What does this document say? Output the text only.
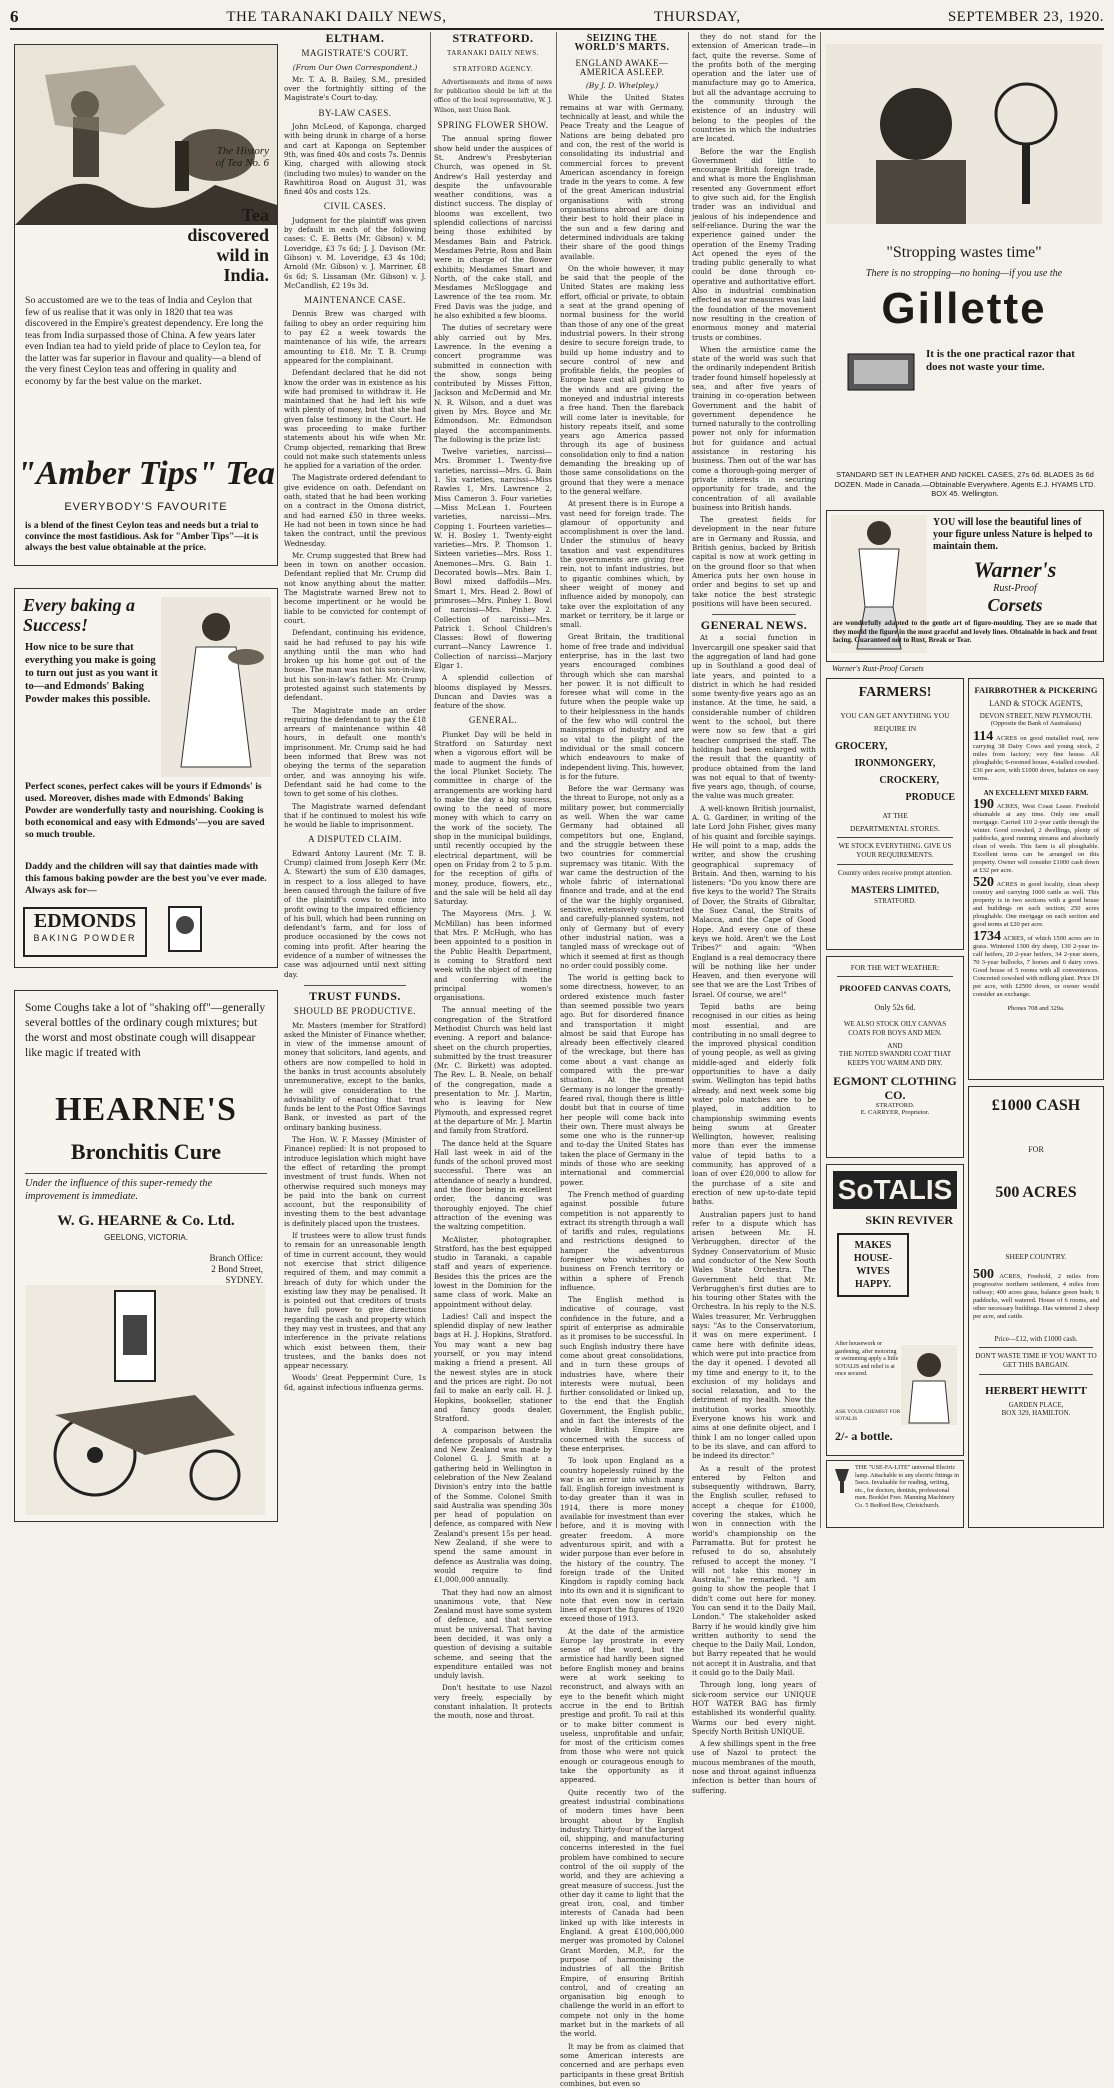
6	THE TARANAKI DAILY NEWS,	THURSDAY,	SEPTEMBER 23, 1920.
The History of Tea No. 6
Tea discovered wild in India.
So accustomed are we to the teas of India and Ceylon that few of us realise that it was only in 1820 that tea was discovered in the Empire's greatest dependency. Ere long the teas from India surpassed those of China. A few years later even Indian tea had to yield pride of place to Ceylon tea, for the latter was far superior in flavour and quality—a blend of the very finest Ceylon teas and offering in quality and economy by far the best value on the market.
"Amber Tips" Tea
EVERYBODY'S FAVOURITE
is a blend of the finest Ceylon teas and needs but a trial to convince the most fastidious. Ask for "Amber Tips"—it is always the best value obtainable at the price.
Every baking a Success!
How nice to be sure that everything you make is going to turn out just as you want it to—and Edmonds' Baking Powder makes this possible.
Perfect scones, perfect cakes will be yours if Edmonds' is used. Moreover, dishes made with Edmonds' Baking Powder are wonderfully tasty and nourishing. Cooking is both economical and easy with Edmonds'—you are saved so much trouble.
Daddy and the children will say that dainties made with this famous baking powder are the best you've ever made. Always ask for—
EDMONDS
BAKING POWDER
Some Coughs take a lot of "shaking off"—generally several bottles of the ordinary cough mixtures; but the worst and most obstinate cough will disappear like magic if treated with
HEARNE'S
Bronchitis Cure
Under the influence of this super-remedy the improvement is immediate.
W. G. HEARNE & Co. Ltd.
GEELONG, VICTORIA.
Branch Office:
2 Bond Street,
SYDNEY.
ELTHAM.
MAGISTRATE'S COURT.
(From Our Own Correspondent.)

Mr. T. A. B. Bailey, S.M., presided over the fortnightly sitting of the Magistrate's Court to-day.

BY-LAW CASES.

John McLeod, of Kaponga, charged with being drunk in charge of a horse and cart at Kaponga on September 9th, was fined 40s and costs 7s. Dennis King, charged with allowing stock (including two mules) to wander on the Rawhitiroa Road on August 31, was fined 40s and costs 12s.

CIVIL CASES.

Judgment for the plaintiff was given by default in each of the following cases: C. E. Betts (Mr. Gibson) v. M. Loveridge, £3 7s 6d; J. J. Davison (Mr. Gibson) v. M. Loveridge, £3 4s 10d; Arnold (Mr. Gibson) v. J. Marriner, £8 6s 6d; S. Lissaman (Mr. Gibson) v. J. McCandlish, £2 19s 3d.

MAINTENANCE CASE.

Dennis Brew was charged with failing to obey an order requiring him to pay £2 a week towards the maintenance of his wife, the arrears amounting to £18. Mr. T. B. Crump appeared for the complainant.

Defendant declared that he did not know the order was in existence as his wife had promised to withdraw it. He maintained that he had left his wife with plenty of money, but that she had given false testimony in the Court. He was proceeding to make further statements about his wife when Mr. Crump objected, remarking that Brew could not make such statements unless he applied for a variation of the order.

The Magistrate ordered defendant to give evidence on oath. Defendant on oath, stated that he had been working on a contract in the Omona district, and had earned £50 in three weeks. He had not been in town since he had taken the contract, until the previous Wednesday.

Mr. Crump suggested that Brew had been in town on another occasion. Defendant replied that Mr. Crump did not know anything about the matter. The Magistrate warned Brew not to become impertinent or he would be liable to be convicted for contempt of court.

Defendant, continuing his evidence, said he had refused to pay his wife anything until the man who had broken up his home got out of the house. The man was not his son-in-law, but his son-in-law's father. Mr. Crump protested against such statements by defendant.

The Magistrate made an order requiring the defendant to pay the £18 arrears of maintenance within 48 hours, in default one month's imprisonment. Mr. Crump said he had been informed that Brew was not obeying the terms of the separation order, and was annoying his wife. Defendant said he had come to the town to get some of his clothes.

The Magistrate warned defendant that if he continued to molest his wife he would be liable to imprisonment.

A DISPUTED CLAIM.

Edward Antony Laurent (Mr. T. B. Crump) claimed from Joseph Kerr (Mr. A. Stewart) the sum of £30 damages, in respect to a loss alleged to have been caused through the failure of five of the plaintiff's cows to come into profit owing to the impaired efficiency of his bull, which had been running on defendant's farm, and for loss of produce occasioned by the cows not coming into profit. After hearing the evidence of a number of witnesses the case was adjourned until next sitting day.

TRUST FUNDS.
SHOULD BE PRODUCTIVE.

Mr. Masters (member for Stratford) asked the Minister of Finance whether, in view of the immense amount of money that solicitors, land agents, and others are now compelled to hold in the banks in trust accounts absolutely unremunerative, except to the banks, he will give consideration to the advisability of enacting that trust funds be lent to the Post Office Savings Bank, or invested as part of the ordinary banking business.

The Hon. W. F. Massey (Minister of Finance) replied: It is not proposed to introduce legislation which might have the effect of retarding the prompt investment of trust funds. When not otherwise required such moneys may be paid into the bank on current account, but the responsibility of investing them to the best advantage is definitely placed upon the trustees.

If trustees were to allow trust funds to remain for an unreasonable length of time in current account, they would not exercise that strict diligence required of them, and may commit a breach of duty for which under the existing law they may be penalised. It is pointed out that creditors of trusts have full power to give directions regarding the cash and property which they may vest in trustees, and that any interference in the private relations which exist between them, their trustees, and the banks does not appear necessary.

Woods' Great Peppermint Cure, 1s 6d, against infectious influenza germs.

STRATFORD.
TARANAKI DAILY NEWS.
STRATFORD AGENCY.

Advertisements and items of news for publication should be left at the office of the local representative, W. J. Wilson, next Union Bank.

SPRING FLOWER SHOW.

The annual spring flower show held under the auspices of St. Andrew's Presbyterian Church, was opened in St. Andrew's Hall yesterday and despite the unfavourable weather conditions, was a distinct success. The display of blooms was excellent, two splendid collections of narcissi being those exhibited by Mesdames Bain and Patrick. Mesdames Petrie, Ross and Bain were in charge of the flower exhibits; Mesdames Smart and North, of the cake stall, and Mesdames McSloggage and Lawrence of the tea room. Mr. Fred Davis was the judge, and he also exhibited a few blooms.

The duties of secretary were ably carried out by Mrs. Lawrence. In the evening a concert programme was submitted in connection with the show, songs being contributed by Misses Fitton, Jackson and McDermid and Mr. N. R. Wilson, and a duet was given by Mrs. Boyce and Mr. Edmondson. Mr. Edmondson played the accompaniments. The following is the prize list:

Twelve varieties, narcissi—Mrs. Brommer 1. Twenty-five varieties, narcissi—Mrs. G. Bain 1. Six varieties, narcissi—Miss Rawles 1, Mrs. Lawrence 2, Miss Cameron 3. Four varieties—Miss McLean 1. Fourteen varieties, narcissi—Mrs. Copping 1. Fourteen varieties—W. H. Bosley 1. Twenty-eight varieties—Mrs. P. Thomson 1. Sixteen varieties—Mrs. Ross 1. Anemones—Mrs. G. Bain 1. Decorated bowls—Mrs. Bain 1. Bowl mixed daffodils—Mrs. Smart 1, Mrs. Head 2. Bowl of primroses—Mrs. Pinhey 1. Bowl of narcissi—Mrs. Pinhey 2. Collection of narcissi—Mrs. Patrick 1. School Children's Classes: Bowl of flowering currant—Nancy Lawrence 1. Collection of narcissi—Marjory Elgar 1.

A splendid collection of blooms displayed by Messrs. Duncan and Davies was a feature of the show.

GENERAL.

Plunket Day will be held in Stratford on Saturday next when a vigorous effort will be made to augment the funds of the local Plunket Society. The committee in charge of the arrangements are working hard to make the day a big success, owing to the need of more money with which to carry on the work of the society. The shop in the municipal buildings, until recently occupied by the electrical department, will be open on Friday from 2 to 5 p.m. for the reception of gifts of money, produce, flowers, etc., and the sale will be held all day Saturday.

The Mayoress (Mrs. J. W. McMillan) has been informed that Mrs. P. McHugh, who has been appointed to a position in the Public Health Department, is coming to Stratford next week with the object of meeting and conferring with the principal women's organisations.

The annual meeting of the congregation of the Stratford Methodist Church was held last evening. A report and balance-sheet on the church properties, submitted by the trust treasurer (Mr. C. Birkett) was adopted. The Rev. L. B. Neale, on behalf of the congregation, made a presentation to Mr. J. Martin, who is leaving for New Plymouth, and expressed regret at the departure of Mr. J. Martin and family from Stratford.

The dance held at the Square Hall last week in aid of the funds of the school proved most successful. There was an attendance of nearly a hundred, and the floor being in excellent order, the dancing was thoroughly enjoyed. The chief attraction of the evening was the waltzing competition.

McAlister, photographer, Stratford, has the best equipped studio in Taranaki, a capable staff and years of experience. Besides this the prices are the lowest in the Dominion for the same class of work. Make an appointment without delay.

Ladies! Call and inspect the splendid display of new leather bags at H. J. Hopkins, Stratford. You may want a new bag yourself, or you may intend making a friend a present. All the newest styles are in stock and the prices are right. Do not fail to make an early call. H. J. Hopkins, bookseller, stationer and fancy goods dealer, Stratford.

A comparison between the defence proposals of Australia and New Zealand was made by Colonel G. J. Smith at a gathering held in Wellington in celebration of the New Zealand Division's entry into the battle of the Somme. Colonel Smith said Australia was spending 30s per head of population on defence, as compared with New Zealand's present 15s per head. New Zealand, if she were to spend the same amount in defence as Australia was doing, would require to find £1,000,000 annually.

That they had now an almost unanimous vote, that New Zealand must have some system of defence, and that service must be universal. That having been decided, it was only a question of devising a suitable scheme, and seeing that the expenditure entailed was not unduly lavish.

Don't hesitate to use Nazol very freely, especially by constant inhalation. It protects the mouth, nose and throat.

SEIZING THE WORLD'S MARTS.
ENGLAND AWAKE—AMERICA ASLEEP.
(By J. D. Whelpley.)

While the United States remains at war with Germany, technically at least, and while the Peace Treaty and the League of Nations are being debated pro and con, the rest of the world is consolidating its industrial and commercial forces to prevent American ascendancy in foreign trade in the years to come. A few of the great American industrial organisations with strong organisations abroad are doing their best to hold their place in the sun and a few daring and determined individuals are taking their share of the good things available.

On the whole however, it may be said that the people of the United States are making less effort, official or private, to obtain a seat at the grand opening of normal business for the world than those of any one of the great industrial powers. In their strong desire to secure foreign trade, to build up home industry and to secure control of new and profitable fields, the peoples of Europe have cast all prudence to the winds and are giving the moneyed and industrial interests a free hand. Then the flareback will come later is inevitable, for history repeats itself, and some years ago America passed through its age of business consolidation only to find a nation demanding the breaking up of those same consolidations on the ground that they were a menace to the general welfare.

At present there is in Europe a vast need for foreign trade. The glamour of opportunity and accomplishment is over the land. Under the stimulus of heavy taxation and vast expenditures the governments are giving free rein, not to infant industries, but to gigantic combines which, by sheer weight of money and influence aided by monopoly, can take over the exploitation of any market or territory, be it large or small.

Great Britain, the traditional home of free trade and individual enterprise, has in the last two years encouraged combines through which she can marshal her power. It is not difficult to foresee what will come in the future when the people wake up to their helplessness in the hands of the few who will control the mainsprings of industry and are so vital to the plight of the individual or the small concern which endeavours to make of independent living. This, however, is for the future.

Before the war Germany was the threat to Europe, not only as a military power, but commercially as well. When the war came Germany had obtained all competitors but one, England, and the struggle between these two countries for commercial supremacy was titanic. With the war came the destruction of the whole fabric of international finance and trade, and at the end of the war the highly organised, sensitive, extensively constructed and carefully-planned system, not only of Germany but of every other industrial nation, was a tangled mass of wreckage out of which it seemed at first as though no order could possibly come.

The world is getting back to some directness, however, to an ordered existence much faster than seemed possible two years ago. But for disordered finance and transportation it might almost be said that Europe has already been effectively cleared of the wreckage, but there has come about a vast change as compared with the pre-war situation. At the moment Germany is no longer the greatly-feared rival, though there is little doubt but that in course of time her people will come back into their own. There must always be some one who is the runner-up and to-day the United States has taken the place of Germany in the minds of those who are seeking international and commercial power.

The French method of guarding against possible future competition is not apparently to extract its strength through a wall of tariffs and rules, regulations and restrictions designed to hamper the adventurous foreigner who wishes to do business on French territory or within a sphere of French influence.

The English method is indicative of courage, vast confidence in the future, and a spirit of enterprise as admirable as it promises to be successful. In such English industry there have come about great consolidations, and in turn these groups of industries have, where their interests were mutual, been further consolidated or linked up, to the end that the English Government, the English public, and in fact the interests of the whole British Empire are concerned with the success of these enterprises.

To look upon England as a country hopelessly ruined by the war is an error into which many fall. English foreign investment is to-day greater than it was in 1914, there is more money available for investment than ever before, and it is moving with greater freedom. A more adventurous spirit, and with a wider purpose than ever before in the history of the country. The foreign trade of the United Kingdom is rapidly coming back into its own and it is significant to note that even now in certain lines of export the figures of 1920 exceed those of 1913.

At the date of the armistice Europe lay prostrate in every sense of the word, but the armistice had hardly been signed before English money and brains were at work seeking to reconstruct, and always with an eye to the benefit which might accrue in the end to British prestige and profit. To rail at this or to make bitter comment is useless, unprofitable and unfair, for most of the criticism comes from those who were not quick enough or courageous enough to take the opportunity as it appeared.

Quite recently two of the greatest industrial combinations of modern times have been brought about by English industry. Thirty-four of the largest oil, shipping, and manufacturing concerns interested in the fuel problem have combined to secure control of the oil supply of the world, and they are achieving a great measure of success. Just the other day it came to light that the great iron, coal, and timber interests of Canada had been linked up with like interests in England. A great £100,000,000 merger was promoted by Colonel Grant Morden, M.P., for the purpose of harmonising the industries of all the British Empire, of ensuring British control, and of creating an organisation big enough to challenge the world in an effort to compete not only in the home market but in the markets of all the world.

It may be from as claimed that some American interests are concerned and are perhaps even participants in these great British combines, but even so

they do not stand for the extension of American trade—in fact, quite the reverse. Some of the profits both of the merging operation and the later use of manufacture may go to America, but all the advantage accruing to the community through the existence of an industry will belong to the peoples of the countries in which the industries are located.

Before the war the English Government did little to encourage British foreign trade, and what is more the Englishman resented any Government effort to give such aid, for the English trader was an individual and jealous of his independence and self-reliance. During the war the experience gained under the operation of the Enemy Trading Act opened the eyes of the trading public generally to what could be done through co-operative and authoritative effort. Also in industrial combination effected as war measures was laid the foundation of the movement now resulting in the creation of enormous money and material trusts or combines.

When the armistice came the state of the world was such that the ordinarily independent British trader found himself hopelessly at sea, and after five years of training in co-operation between Government and the habit of government dependence he turned naturally to the controlling power not only for information but for guidance and actual assistance in restoring his business. Then out of the war has come a thorough-going merger of private interests in securing opportunity for trade, and the concentration of all available business into British hands.

The greatest fields for development in the near future are in Germany and Russia, and British genius, backed by British capital is now at work getting in on the ground floor so that when America puts her own house in order and begins to set up and take notice the best strategic positions will have been secured.

GENERAL NEWS.

At a social function in Invercargill one speaker said that the aggregation of land had gone up in Southland a good deal of late years, and pointed to a district in which he had resided some twenty-five years ago as an instance. At the time, he said, a considerable number of children went to the school, but there were now so few that a girl teacher comprised the staff. The holdings had been enlarged with the result that the quantity of produce obtained from the land was not equal to that of twenty-five years ago, though, of course, the value was much greater.

A well-known British journalist, A. G. Gardiner, in writing of the late Lord John Fisher, gives many of his quaint and forcible sayings. He will point to a map, adds the writer, and show the crushing geographical supremacy of Britain. And then, warning to his listeners: "Do you know there are five keys to the world? The Straits of Dover, the Straits of Gibraltar, the Suez Canal, the Straits of Malacca, and the Cape of Good Hope. And every one of these keys we hold. Aren't we the Lost Tribes?" and again: "When England is a real democracy there will be nothing like her under Heaven, and then everyone will see that we are the Lost Tribes of Israel. Of course, we are!"

Tepid baths are being recognised in our cities as being most essential, and are contributing in no small degree to the improved physical condition of young people, as well as giving middle-aged and elderly folk opportunities to have a daily swim. Wellington has tepid baths already, and next week some big water polo matches are to be played, in addition to championship swimming events being swum at Greater Wellington, however, realising more than ever the immense value of tepid baths to a community, has approved of a loan of over £20,000 to allow for the purchase of a site and erection of new up-to-date tepid baths.

Australian papers just to hand refer to a dispute which has arisen between Mr. H. Verbrugghen, director of the Sydney Conservatorium of Music and conductor of the New South Wales State Orchestra. The Government held that Mr. Verbrugghen's first duties are to his touring other States with the Orchestra. In his reply to the N.S. Wales treasurer, Mr. Verbrugghen says: "As to the Conservatorium, it was on mere experiment. I came here with definite ideas, which were put into practice from the day it opened. I devoted all my time and energy to it, to the exclusion of my holidays and social relaxation, and to the detriment of my health. Now the institution works smoothly. Everyone knows his work and aims at one definite object, and I think I am no longer called upon to be its slave, and can afford to be indeed its director."

As a result of the protest entered by Felton and subsequently withdrawn, Barry, the English sculler, refused to accept a cheque for £1000, covering the stakes, which he won in connection with the world's championship on the Parramatta. But for protest he refused to do so, absolutely refused to accept the money. "I will not take this money in Australia," he remarked. "I am going to show the people that I didn't come out here for money. You can send it to the Daily Mail, London." The stakeholder asked Barry if he would kindly give him written authority to send the cheque to the Daily Mail, London, but Barry repeated that he would not accept it in Australia, and that it could go to the Daily Mail.

Through long, long years of sick-room service our UNIQUE HOT WATER BAG has firmly established its wonderful quality. Warms our bed every night. Specify North British UNIQUE.

A few shillings spent in the free use of Nazol to protect the mucous membranes of the mouth, nose and throat against influenza infection is better than hours of suffering.

"Stropping wastes time"
There is no stropping—no honing—if you use the
Gillette
It is the one practical razor that does not waste your time.
STANDARD SET IN LEATHER AND NICKEL CASES, 27s 6d. BLADES 3s 6d DOZEN. Made in Canada.—Obtainable Everywhere. Agents E.J. HYAMS LTD. BOX 45. Wellington.
YOU will lose the beautiful lines of your figure unless Nature is helped to maintain them.
Warner's
Rust-Proof
Corsets
are wonderfully adapted to the gentle art of figure-moulding. They are so made that they mould the figure in the most graceful and lovely lines. Obtainable in back and front lacing. Guaranteed not to Rust, Break or Tear.
Warner's Rust-Proof Corsets
FARMERS!
YOU CAN GET ANYTHING YOU
REQUIRE IN
GROCERY,
IRONMONGERY,
CROCKERY,
PRODUCE
AT THE
DEPARTMENTAL STORES.
WE STOCK EVERYTHING. GIVE US YOUR REQUIREMENTS.
Country orders receive prompt attention.
MASTERS LIMITED,
STRATFORD.
FOR THE WET WEATHER:
PROOFED CANVAS COATS,
Only 52s 6d.
WE ALSO STOCK OILY CANVAS COATS FOR BOYS AND MEN.
AND
THE NOTED SWANDRI COAT THAT KEEPS YOU WARM AND DRY.
EGMONT CLOTHING CO.
STRATFORD.
E. CARRYER, Proprietor.
SoTALIS
SKIN REVIVER
MAKES HOUSE-WIVES HAPPY.
After housework or gardening, after motoring or swimming apply a little SOTALIS and relief is at once secured.
ASK YOUR CHEMIST FOR SOTALIS
2/- a bottle.
THE "USE-FA-LITE" universal Electric lamp. Attachable to any electric fittings in 5secs. Invaluable for reading, writing, etc., for doctors, dentists, professional men. Booklet Free. Manning Machinery Co. 5 Bedford Row, Christchurch.
FAIRBROTHER & PICKERING
LAND & STOCK AGENTS,
DEVON STREET, NEW PLYMOUTH.
(Opposite the Bank of Australasia)
114 ACRES on good metalled road, now carrying 38 Dairy Cows and young stock, 2 miles from factory; very fine house. All ploughable; 6-roomed house, 4-stalled cowshed. £36 per acre, with £1000 down, balance on easy terms.
AN EXCELLENT MIXED FARM.
190 ACRES, West Coast Lease. Freehold obtainable at any time. Only one small mortgage. Carried 110 2-year cattle through the winter. Good cowshed, 2 dwellings, plenty of paddocks, good running streams and absolutely clean of weeds. This farm is all ploughable. Excellent terms can be arranged on this property. Owner will consider £1000 cash down at £32 per acre.
520 ACRES in good locality, clean sheep country and carrying 1000 cattle as well. This property is in two sections with a good house and buildings on each section; 250 acres ploughable. One mortgage on each section and good terms at £20 per acre.
1734 ACRES, of which 1500 acres are in grass. Wintered 1300 dry sheep, 130 2-year in-calf heifers, 20 2-year heifers, 34 2-year steers, 70 3-year bullocks, 7 horses and 6 dairy cows. Good house of 5 rooms with all conveniences. Concreted cowshed with milking plant. Price £9 per acre, with £2500 down, or owner would consider an exchange.
Phones 708 and 329a.
£1000 CASH
FOR
500 ACRES
SHEEP COUNTRY.
500 ACRES, Freehold, 2 miles from progressive northern settlement, 4 miles from railway; 400 acres grass, balance green bush; 6 paddocks, well watered. House of 6 rooms, and other necessary buildings. Has wintered 2 sheep per acre, and cattle.
Price—£12, with £1000 cash.
DON'T WASTE TIME IF YOU WANT TO GET THIS BARGAIN.
HERBERT HEWITT
GARDEN PLACE,
BOX 329, HAMILTON.
